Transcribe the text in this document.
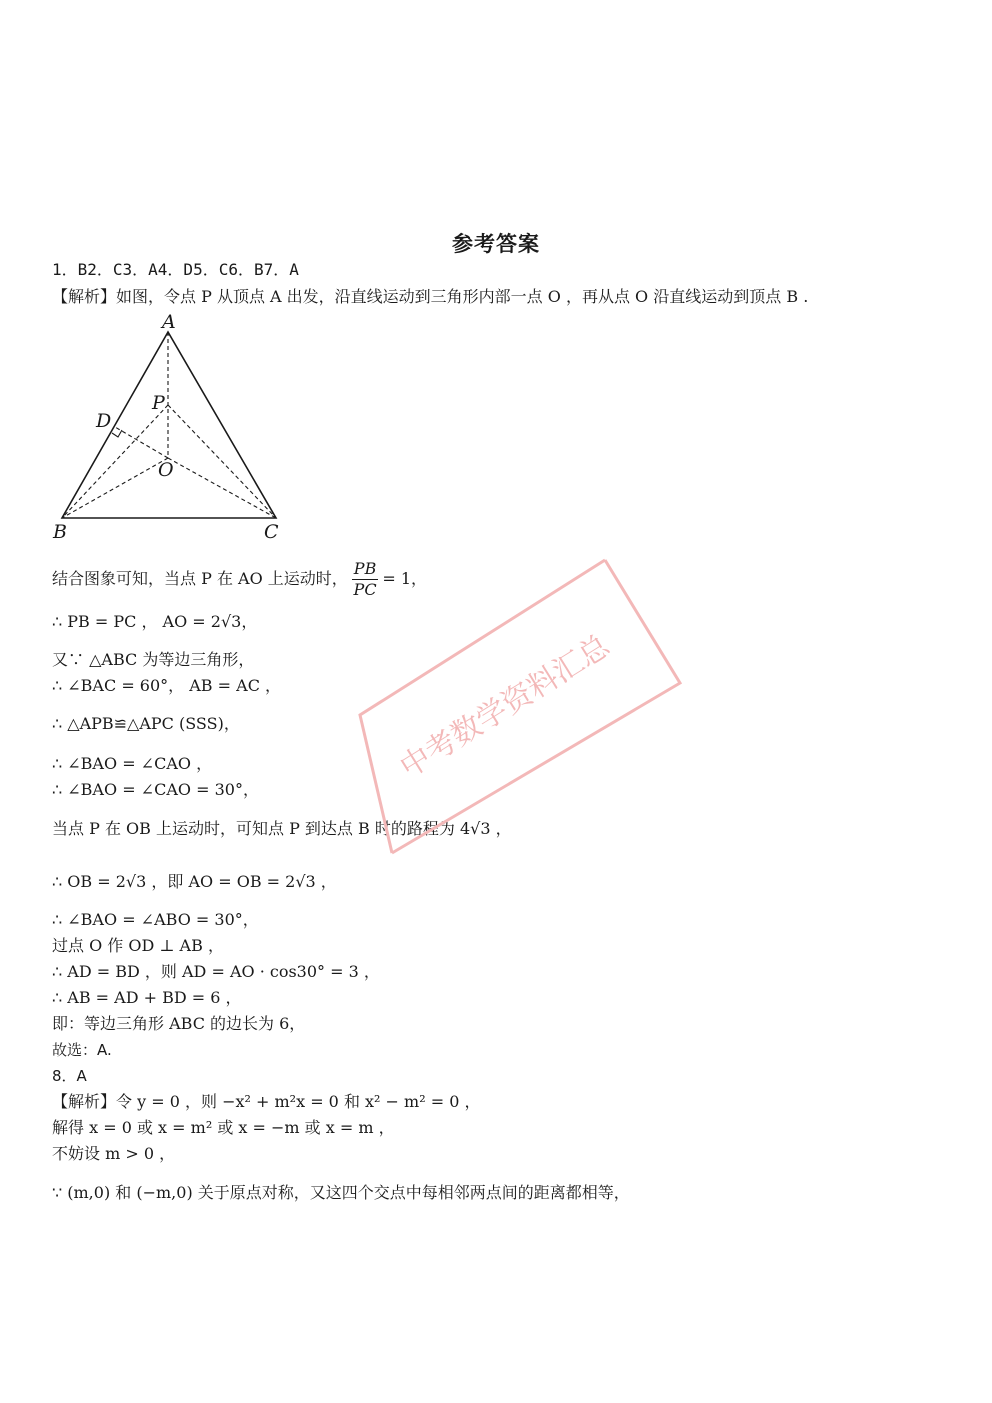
参考答案
1．B2．C3．A4．D5．C6．B7．A
【解析】如图，令点 P 从顶点 A 出发，沿直线运动到三角形内部一点 O ，再从点 O 沿直线运动到顶点 B .
A
B	C
D
P
O
结合图象可知，当点 P 在 AO 上运动时， $\frac{PB}{PC} = 1$，
∴ PB = PC ， AO = 2√3，
又∵ △ABC 为等边三角形，
∴ ∠BAC = 60°， AB = AC ，
∴ △APB≌△APC (SSS)，
∴ ∠BAO = ∠CAO ，
∴ ∠BAO = ∠CAO = 30°，
当点 P 在 OB 上运动时，可知点 P 到达点 B 时的路程为 4√3 ，
∴ OB = 2√3 ，即 AO = OB = 2√3 ，
∴ ∠BAO = ∠ABO = 30°，
过点 O 作 OD ⊥ AB ，
∴ AD = BD ，则 AD = AO · cos30° = 3 ，
∴ AB = AD + BD = 6 ，
即：等边三角形 ABC 的边长为 6，
故选：A.
8．A
【解析】令 y = 0 ，则 −x² + m²x = 0 和 x² − m² = 0 ，
解得 x = 0 或 x = m² 或 x = −m 或 x = m ，
不妨设 m > 0 ，
∵ (m,0) 和 (−m,0) 关于原点对称，又这四个交点中每相邻两点间的距离都相等，
中考数学资料汇总
